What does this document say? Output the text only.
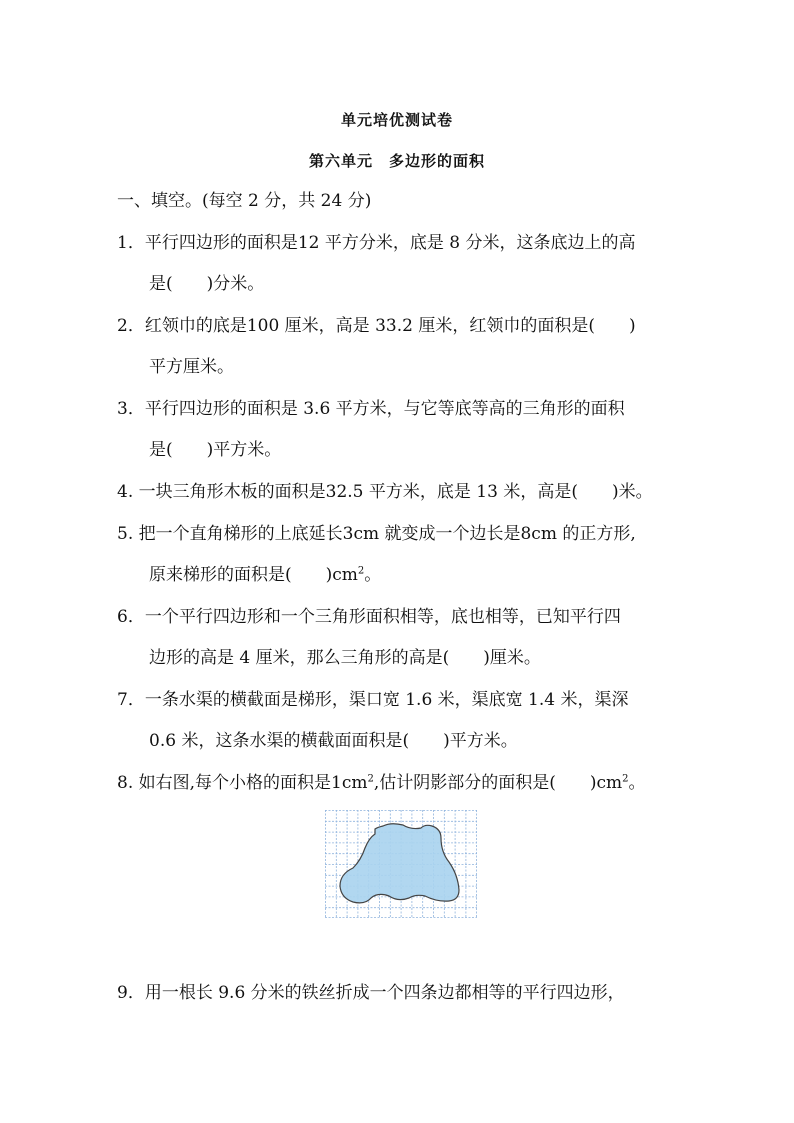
单元培优测试卷
第六单元　多边形的面积
一、填空。(每空 2 分，共 24 分)
1．平行四边形的面积是12 平方分米，底是 8 分米，这条底边上的高
是(　　)分米。
2．红领巾的底是100 厘米，高是 33.2 厘米，红领巾的面积是(　　)
平方厘米。
3．平行四边形的面积是 3.6 平方米，与它等底等高的三角形的面积
是(　　)平方米。
4. 一块三角形木板的面积是32.5 平方米，底是 13 米，高是(　　)米。
5. 把一个直角梯形的上底延长3cm 就变成一个边长是8cm 的正方形,
原来梯形的面积是(　　)$cm^2$。
6．一个平行四边形和一个三角形面积相等，底也相等，已知平行四
边形的高是 4 厘米，那么三角形的高是(　　)厘米。
7．一条水渠的横截面是梯形，渠口宽 1.6 米，渠底宽 1.4 米，渠深
0.6 米，这条水渠的横截面面积是(　　)平方米。
8. 如右图,每个小格的面积是$1cm^2$,估计阴影部分的面积是(　　)$cm^2$。
9．用一根长 9.6 分米的铁丝折成一个四条边都相等的平行四边形，
